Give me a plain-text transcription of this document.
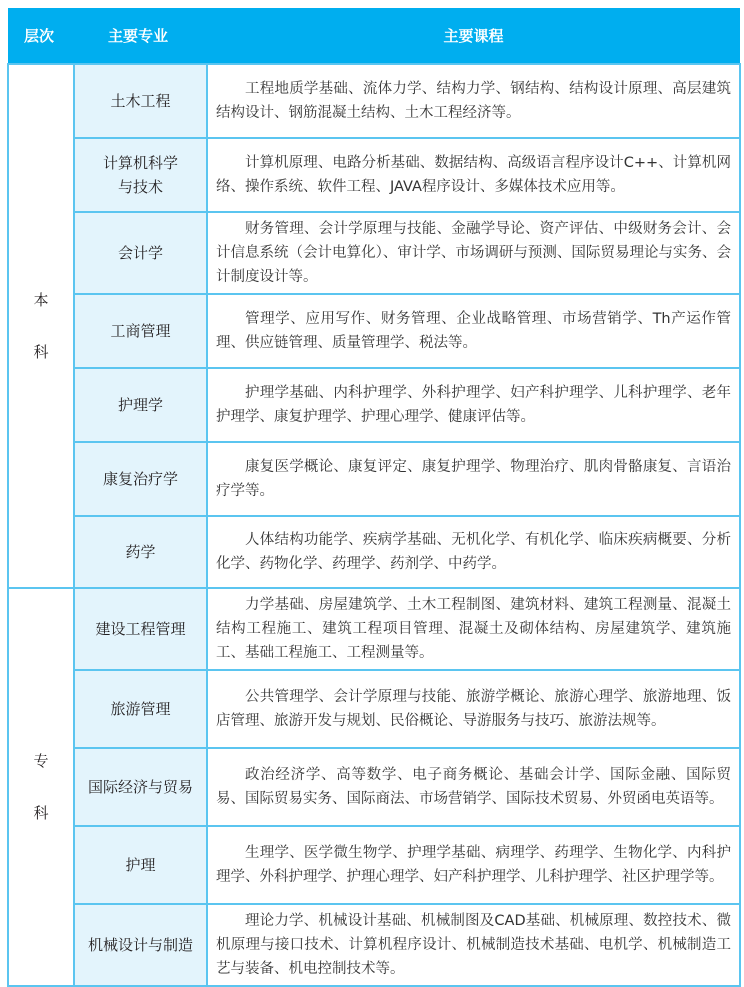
层次	主要专业	主要课程

本
科	土木工程	工程地质学基础、流体力学、结构力学、钢结构、结构设计原理、高层建筑结构设计、钢筋混凝土结构、土木工程经济等。

	计算机科学与技术	计算机原理、电路分析基础、数据结构、高级语言程序设计C++、计算机网络、操作系统、软件工程、JAVA程序设计、多媒体技术应用等。

	会计学	财务管理、会计学原理与技能、金融学导论、资产评估、中级财务会计、会计信息系统（会计电算化）、审计学、市场调研与预测、国际贸易理论与实务、会计制度设计等。

	工商管理	管理学、应用写作、财务管理、企业战略管理、市场营销学、Th产运作管理、供应链管理、质量管理学、税法等。

	护理学	护理学基础、内科护理学、外科护理学、妇产科护理学、儿科护理学、老年护理学、康复护理学、护理心理学、健康评估等。

	康复治疗学	康复医学概论、康复评定、康复护理学、物理治疗、肌肉骨骼康复、言语治疗学等。

	药学	人体结构功能学、疾病学基础、无机化学、有机化学、临床疾病概要、分析化学、药物化学、药理学、药剂学、中药学。

专
科	建设工程管理	力学基础、房屋建筑学、土木工程制图、建筑材料、建筑工程测量、混凝土结构工程施工、建筑工程项目管理、混凝土及砌体结构、房屋建筑学、建筑施工、基础工程施工、工程测量等。

	旅游管理	公共管理学、会计学原理与技能、旅游学概论、旅游心理学、旅游地理、饭店管理、旅游开发与规划、民俗概论、导游服务与技巧、旅游法规等。

	国际经济与贸易	政治经济学、高等数学、电子商务概论、基础会计学、国际金融、国际贸易、国际贸易实务、国际商法、市场营销学、国际技术贸易、外贸函电英语等。

	护理	生理学、医学微生物学、护理学基础、病理学、药理学、生物化学、内科护理学、外科护理学、护理心理学、妇产科护理学、儿科护理学、社区护理学等。

	机械设计与制造	理论力学、机械设计基础、机械制图及CAD基础、机械原理、数控技术、微机原理与接口技术、计算机程序设计、机械制造技术基础、电机学、机械制造工艺与装备、机电控制技术等。
